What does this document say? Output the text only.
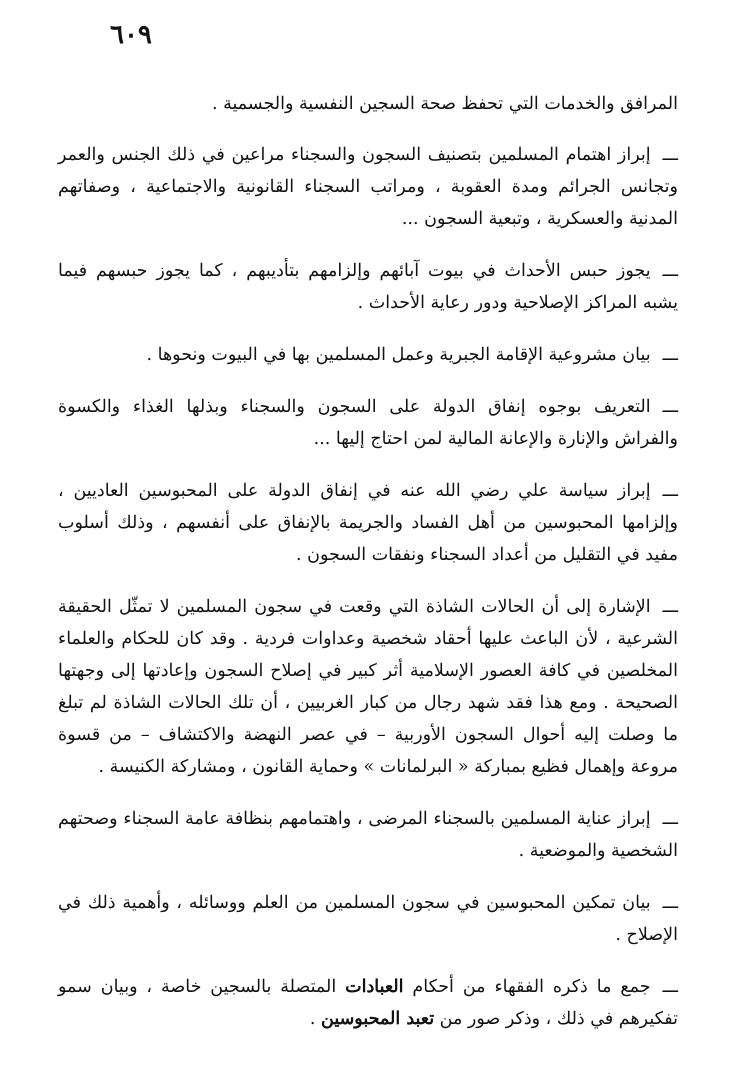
٦٠٩

المرافق والخدمات التي تحفظ صحة السجين النفسية والجسمية .

ـــإبراز اهتمام المسلمين بتصنيف السجون والسجناء مراعين في ذلك الجنس والعمر وتجانس الجرائم ومدة العقوبة ، ومراتب السجناء القانونية والاجتماعية ، وصفاتهم المدنية والعسكرية ، وتبعية السجون ...

ـــيجوز حبس الأحداث في بيوت آبائهم وإلزامهم بتأديبهم ، كما يجوز حبسهم فيما يشبه المراكز الإصلاحية ودور رعاية الأحداث .

ـــبيان مشروعية الإقامة الجبرية وعمل المسلمين بها في البيوت ونحوها .

ـــالتعريف بوجوه إنفاق الدولة على السجون والسجناء وبذلها الغذاء والكسوة والفراش والإنارة والإعانة المالية لمن احتاج إليها ...

ـــإبراز سياسة علي رضي الله عنه في إنفاق الدولة على المحبوسين العاديين ، وإلزامها المحبوسين من أهل الفساد والجريمة بالإنفاق على أنفسهم ، وذلك أسلوب مفيد في التقليل من أعداد السجناء ونفقات السجون .

ـــالإشارة إلى أن الحالات الشاذة التي وقعت في سجون المسلمين لا تمثّل الحقيقة الشرعية ، لأن الباعث عليها أحقاد شخصية وعداوات فردية . وقد كان للحكام والعلماء المخلصين في كافة العصور الإسلامية أثر كبير في إصلاح السجون وإعادتها إلى وجهتها الصحيحة . ومع هذا فقد شهد رجال من كبار الغربيين ، أن تلك الحالات الشاذة لم تبلغ ما وصلت إليه أحوال السجون الأوربية – في عصر النهضة والاكتشاف – من قسوة مروعة وإهمال فظيع بمباركة « البرلمانات » وحماية القانون ، ومشاركة الكنيسة .

ـــإبراز عناية المسلمين بالسجناء المرضى ، واهتمامهم بنظافة عامة السجناء وصحتهم الشخصية والموضعية .

ـــبيان تمكين المحبوسين في سجون المسلمين من العلم ووسائله ، وأهمية ذلك في الإصلاح .

ـــجمع ما ذكره الفقهاء من أحكام العبادات المتصلة بالسجين خاصة ، وبيان سمو تفكيرهم في ذلك ، وذكر صور من تعبد المحبوسين .
